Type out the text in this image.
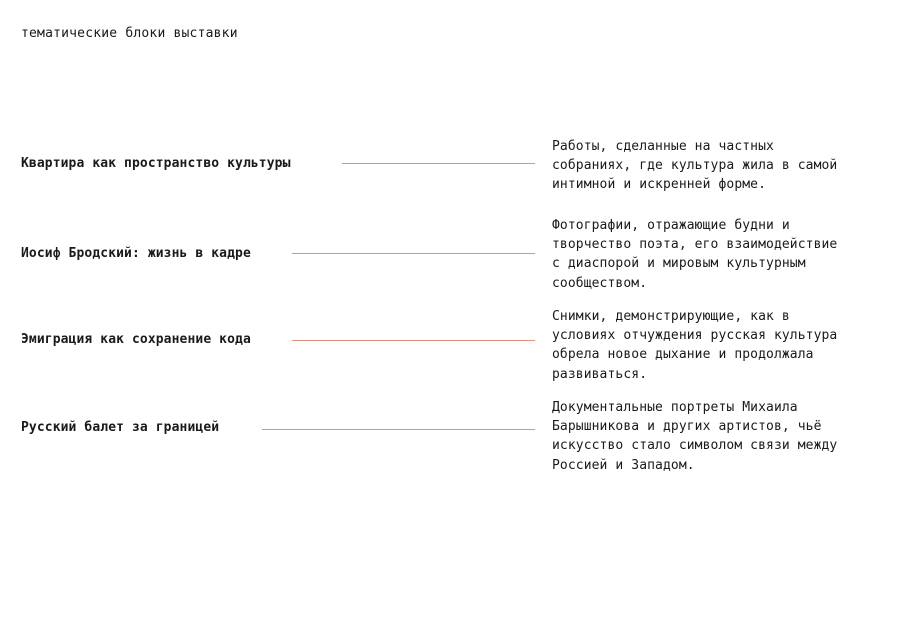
тематические блоки выставки
Квартира как пространство культуры

Работы, сделанные на частных
собраниях, где культура жила в самой
интимной и искренней форме.

Иосиф Бродский: жизнь в кадре

Фотографии, отражающие будни и
творчество поэта, его взаимодействие
с диаспорой и мировым культурным
сообществом.

Эмиграция как сохранение кода

Снимки, демонстрирующие, как в
условиях отчуждения русская культура
обрела новое дыхание и продолжала
развиваться.

Русский балет за границей

Документальные портреты Михаила
Барышникова и других артистов, чьё
искусство стало символом связи между
Россией и Западом.
